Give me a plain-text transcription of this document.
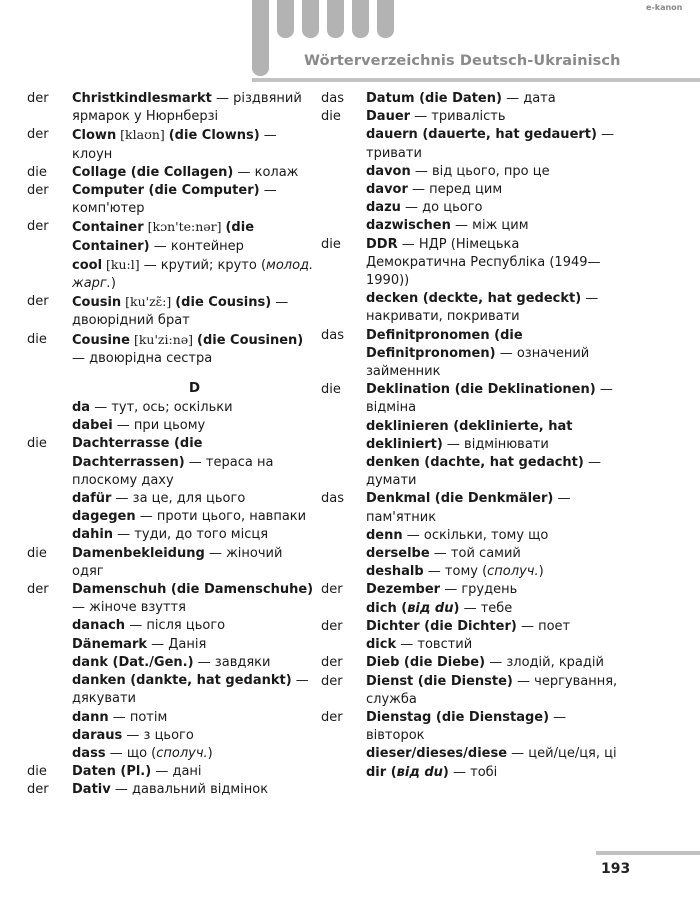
e-kanon
Wörterverzeichnis Deutsch-Ukrainisch
der Christkindlesmarkt — різдвяний ярмарок у Нюрнберзі
der Clown [klaʊn] (die Clowns) — клоун
die Collage (die Collagen) — колаж
der Computer (die Computer) — комп'ютер
der Container [kɔn'te:nər] (die Container) — контейнер
cool [ku:l] — крутий; круто (молод. жарг.)
der Cousin [ku'zɛ̃:] (die Cousins) — двоюрідний брат
die Cousine [ku'zi:nə] (die Cousinen) — двоюрідна сестра
D
da — тут, ось; оскільки
dabei — при цьому
die Dachterrasse (die Dachterrassen) — тераса на плоскому даху
dafür — за це, для цього
dagegen — проти цього, навпаки
dahin — туди, до того місця
die Damenbekleidung — жіночий одяг
der Damenschuh (die Damenschuhe) — жіноче взуття
danach — після цього
Dänemark — Данія
dank (Dat./Gen.) — завдяки
danken (dankte, hat gedankt) — дякувати
dann — потім
daraus — з цього
dass — що (сполуч.)
die Daten (Pl.) — дані
der Dativ — давальний відмінок
das Datum (die Daten) — дата
die Dauer — тривалість
dauern (dauerte, hat gedauert) — тривати
davon — від цього, про це
davor — перед цим
dazu — до цього
dazwischen — між цим
die DDR — НДР (Німецька Демократична Республіка (1949—1990))
decken (deckte, hat gedeckt) — накривати, покривати
das Definitpronomen (die Definitpronomen) — означений займенник
die Deklination (die Deklinationen) — відміна
deklinieren (deklinierte, hat dekliniert) — відмінювати
denken (dachte, hat gedacht) — думати
das Denkmal (die Denkmäler) — пам'ятник
denn — оскільки, тому що
derselbe — той самий
deshalb — тому (сполуч.)
der Dezember — грудень
dich (від du) — тебе
der Dichter (die Dichter) — поет
dick — товстий
der Dieb (die Diebe) — злодій, крадій
der Dienst (die Dienste) — чергування, служба
der Dienstag (die Dienstage) — вівторок
dieser/dieses/diese — цей/це/ця, ці
dir (від du) — тобі
193
